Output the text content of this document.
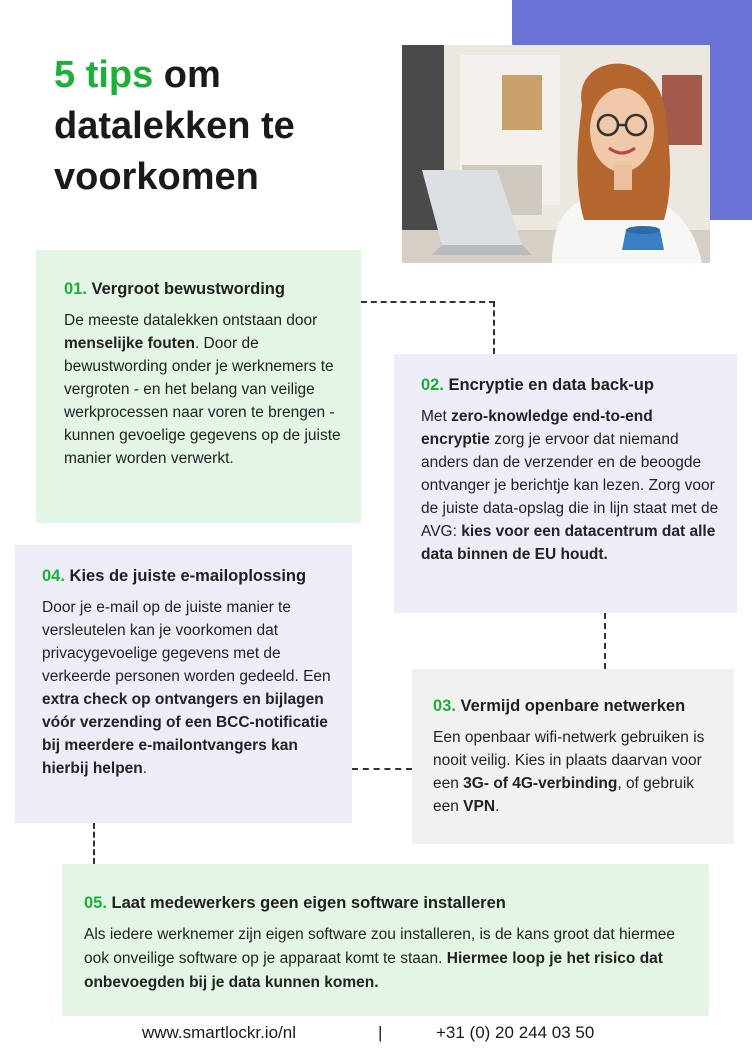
5 tips om datalekken te voorkomen
01. Vergroot bewustwording

De meeste datalekken ontstaan door menselijke fouten. Door de bewustwording onder je werknemers te vergroten - en het belang van veilige werkprocessen naar voren te brengen - kunnen gevoelige gegevens op de juiste manier worden verwerkt.

02. Encryptie en data back-up

Met zero-knowledge end-to-end encryptie zorg je ervoor dat niemand anders dan de verzender en de beoogde ontvanger je berichtje kan lezen. Zorg voor de juiste data-opslag die in lijn staat met de AVG: kies voor een datacentrum dat alle data binnen de EU houdt.

04. Kies de juiste e-mailoplossing

Door je e-mail op de juiste manier te versleutelen kan je voorkomen dat privacygevoelige gegevens met de verkeerde personen worden gedeeld. Een extra check op ontvangers en bijlagen vóór verzending of een BCC-notificatie bij meerdere e-mailontvangers kan hierbij helpen.

03. Vermijd openbare netwerken

Een openbaar wifi-netwerk gebruiken is nooit veilig. Kies in plaats daarvan voor een 3G- of 4G-verbinding, of gebruik een VPN.

05. Laat medewerkers geen eigen software installeren

Als iedere werknemer zijn eigen software zou installeren, is de kans groot dat hiermee ook onveilige software op je apparaat komt te staan. Hiermee loop je het risico dat onbevoegden bij je data kunnen komen.

www.smartlockr.io/nl	|	+31 (0) 20 244 03 50
